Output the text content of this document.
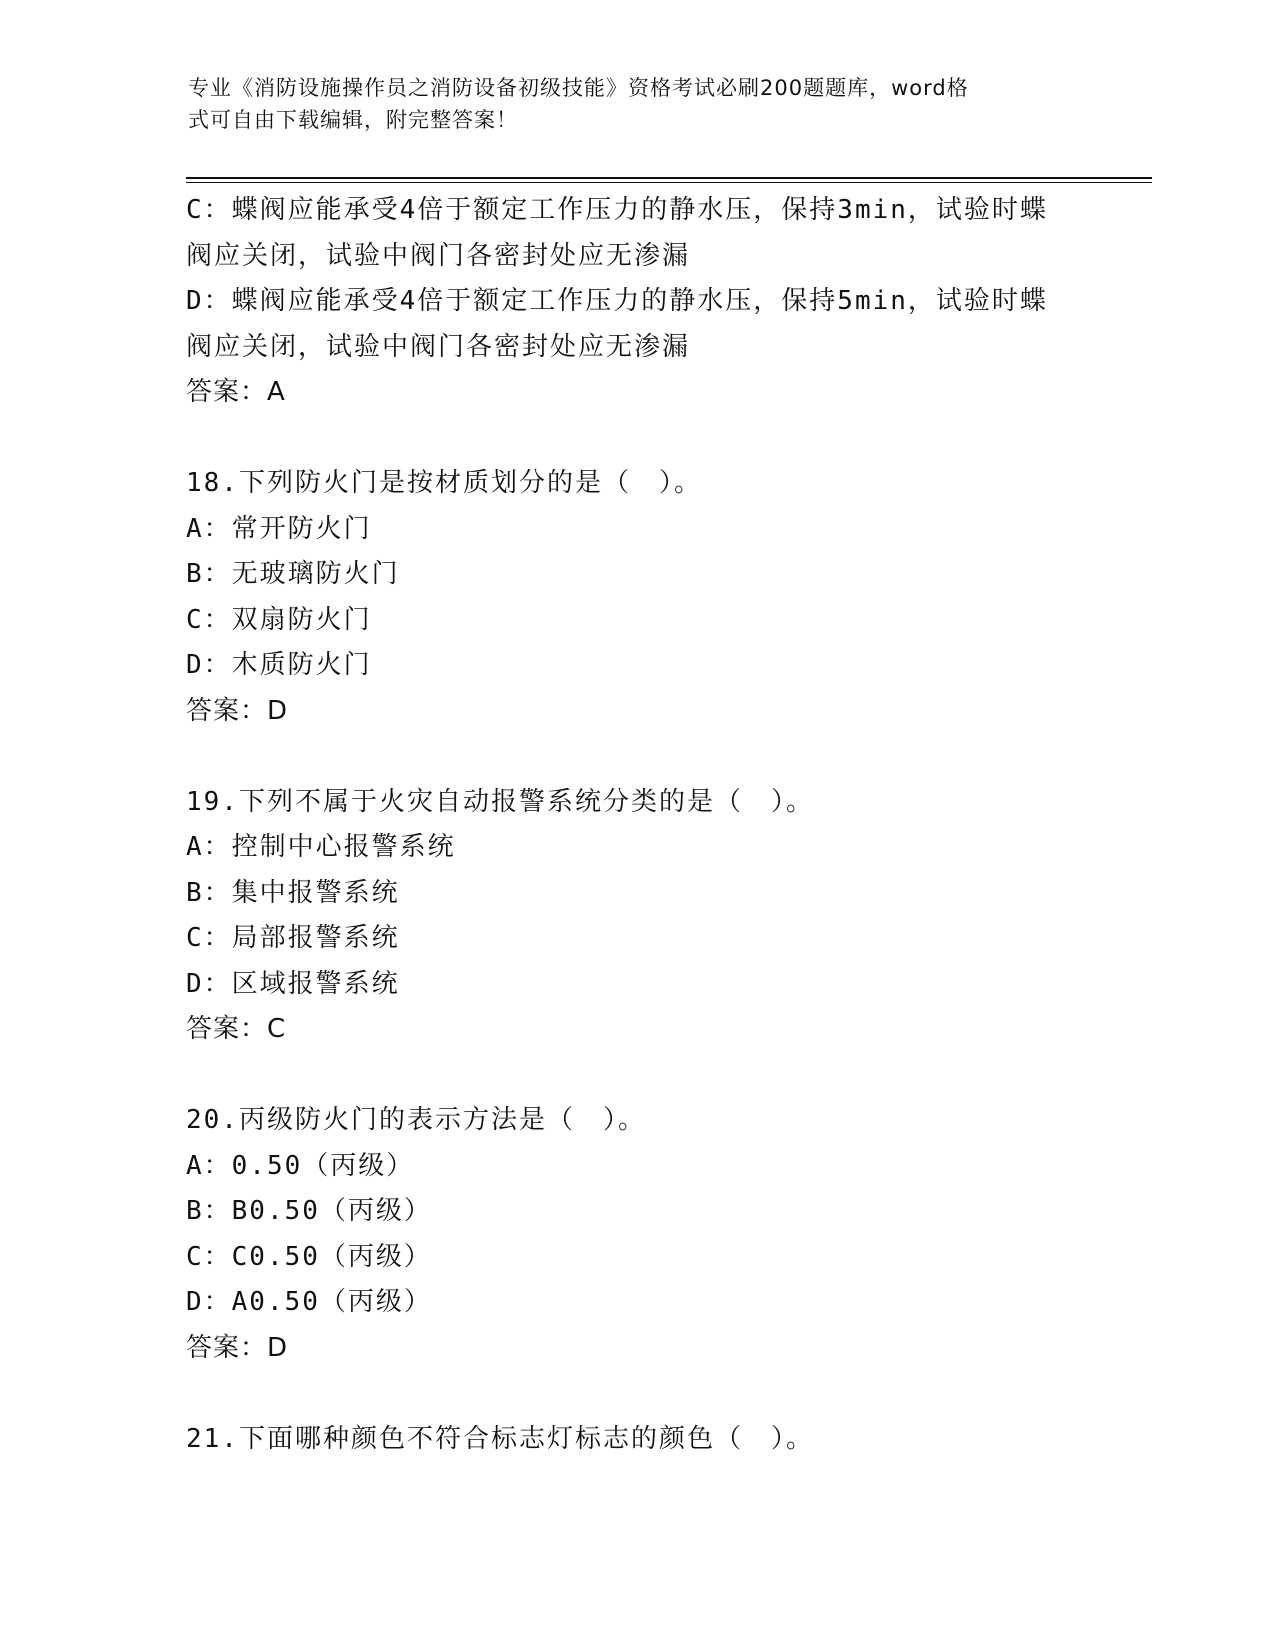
专业《消防设施操作员之消防设备初级技能》资格考试必刷200题题库，word格
式可自由下载编辑，附完整答案！
C：蝶阀应能承受4倍于额定工作压力的静水压，保持3min，试验时蝶
阀应关闭，试验中阀门各密封处应无渗漏
D：蝶阀应能承受4倍于额定工作压力的静水压，保持5min，试验时蝶
阀应关闭，试验中阀门各密封处应无渗漏
答案：A
18.下列防火门是按材质划分的是（　）。
A：常开防火门
B：无玻璃防火门
C：双扇防火门
D：木质防火门
答案：D
19.下列不属于火灾自动报警系统分类的是（　）。
A：控制中心报警系统
B：集中报警系统
C：局部报警系统
D：区域报警系统
答案：C
20.丙级防火门的表示方法是（　）。
A：0.50（丙级）
B：B0.50（丙级）
C：C0.50（丙级）
D：A0.50（丙级）
答案：D
21.下面哪种颜色不符合标志灯标志的颜色（　）。
